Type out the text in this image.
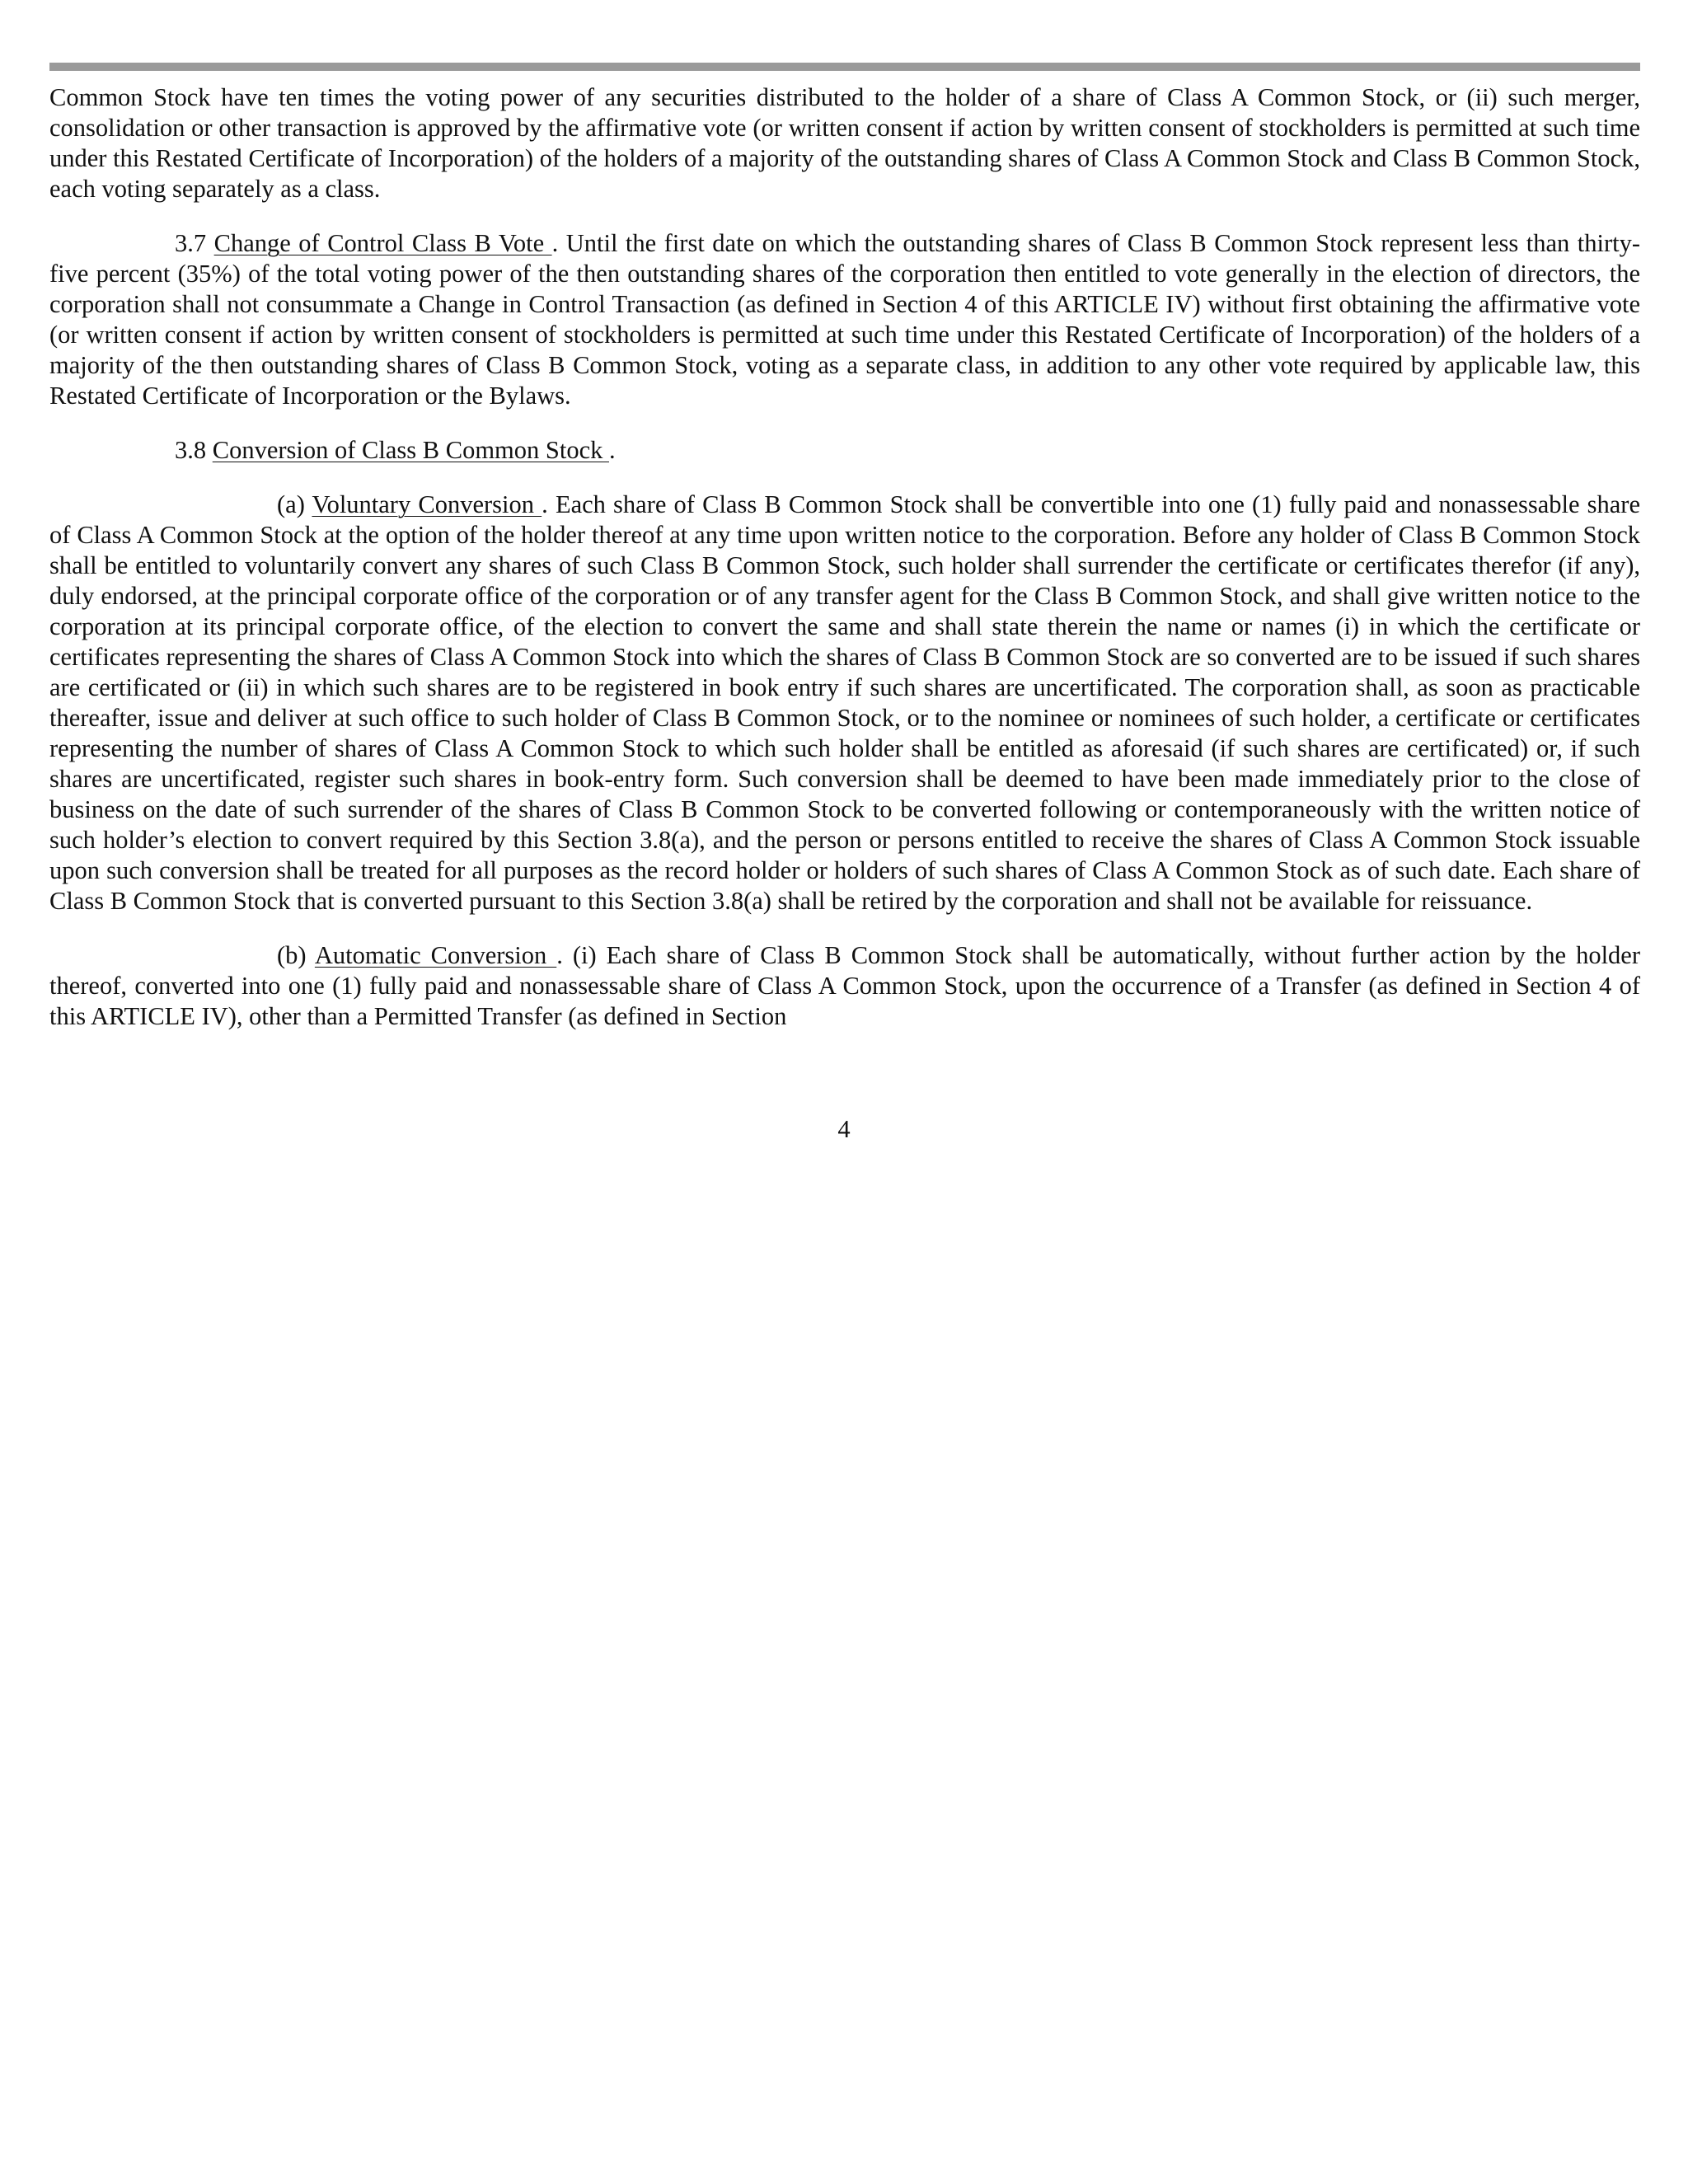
Common Stock have ten times the voting power of any securities distributed to the holder of a share of Class A Common Stock, or (ii) such merger, consolidation or other transaction is approved by the affirmative vote (or written consent if action by written consent of stockholders is permitted at such time under this Restated Certificate of Incorporation) of the holders of a majority of the outstanding shares of Class A Common Stock and Class B Common Stock, each voting separately as a class.

3.7 Change of Control Class B Vote . Until the first date on which the outstanding shares of Class B Common Stock represent less than thirty-five percent (35%) of the total voting power of the then outstanding shares of the corporation then entitled to vote generally in the election of directors, the corporation shall not consummate a Change in Control Transaction (as defined in Section 4 of this ARTICLE IV) without first obtaining the affirmative vote (or written consent if action by written consent of stockholders is permitted at such time under this Restated Certificate of Incorporation) of the holders of a majority of the then outstanding shares of Class B Common Stock, voting as a separate class, in addition to any other vote required by applicable law, this Restated Certificate of Incorporation or the Bylaws.

3.8 Conversion of Class B Common Stock .

(a) Voluntary Conversion . Each share of Class B Common Stock shall be convertible into one (1) fully paid and nonassessable share of Class A Common Stock at the option of the holder thereof at any time upon written notice to the corporation. Before any holder of Class B Common Stock shall be entitled to voluntarily convert any shares of such Class B Common Stock, such holder shall surrender the certificate or certificates therefor (if any), duly endorsed, at the principal corporate office of the corporation or of any transfer agent for the Class B Common Stock, and shall give written notice to the corporation at its principal corporate office, of the election to convert the same and shall state therein the name or names (i) in which the certificate or certificates representing the shares of Class A Common Stock into which the shares of Class B Common Stock are so converted are to be issued if such shares are certificated or (ii) in which such shares are to be registered in book entry if such shares are uncertificated. The corporation shall, as soon as practicable thereafter, issue and deliver at such office to such holder of Class B Common Stock, or to the nominee or nominees of such holder, a certificate or certificates representing the number of shares of Class A Common Stock to which such holder shall be entitled as aforesaid (if such shares are certificated) or, if such shares are uncertificated, register such shares in book-entry form. Such conversion shall be deemed to have been made immediately prior to the close of business on the date of such surrender of the shares of Class B Common Stock to be converted following or contemporaneously with the written notice of such holder’s election to convert required by this Section 3.8(a), and the person or persons entitled to receive the shares of Class A Common Stock issuable upon such conversion shall be treated for all purposes as the record holder or holders of such shares of Class A Common Stock as of such date. Each share of Class B Common Stock that is converted pursuant to this Section 3.8(a) shall be retired by the corporation and shall not be available for reissuance.

(b) Automatic Conversion . (i) Each share of Class B Common Stock shall be automatically, without further action by the holder thereof, converted into one (1) fully paid and nonassessable share of Class A Common Stock, upon the occurrence of a Transfer (as defined in Section 4 of this ARTICLE IV), other than a Permitted Transfer (as defined in Section

4
